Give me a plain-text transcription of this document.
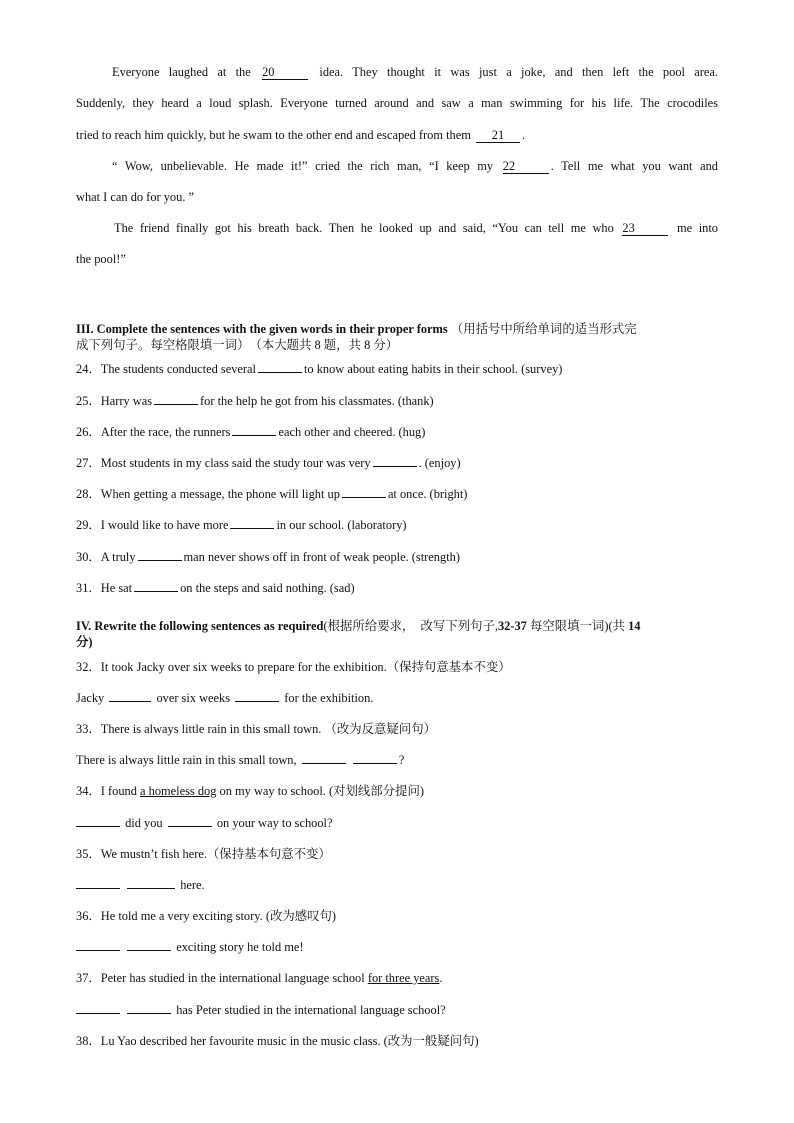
Everyone laughed at the 20	idea. They thought it was just a joke, and then left the pool area.
Suddenly, they heard a loud splash. Everyone turned around and saw a man swimming for his life. The crocodiles
tried to reach him quickly, but he swam to the other end and escaped from them 21 .
“ Wow, unbelievable. He made it!” cried the rich man, “I keep my 22	. Tell me what you want and
what I can do for you. ”
The friend finally got his breath back. Then he looked up and said, “You can tell me who 23	me into
the pool!”
III. Complete the sentences with the given words in their proper forms （用括号中所给单词的适当形式完
成下列句子。每空格限填一词）　（本大题共 8 题，共 8 分）
24．The students conducted several	to know about eating habits in their school. (survey)
25．Harry was	for the help he got from his classmates. (thank)
26．After the race, the runners	each other and cheered. (hug)
27．Most students in my class said the study tour was very	. (enjoy)
28．When getting a message, the phone will light up	at once. (bright)
29．I would like to have more	in our school. (laboratory)
30．A truly	man never shows off in front of weak people. (strength)
31．He sat	on the steps and said nothing. (sad)
IV. Rewrite the following sentences as required(根据所给要求，　改写下列句子,32-37 每空限填一词)(共 14
分)
32．It took Jacky over six weeks to prepare for the exhibition.（保持句意基本不变）
Jacky	over six weeks	for the exhibition.
33．There is always little rain in this small town. （改为反意疑问句）
There is always little rain in this small town,	?
34．I found a homeless dog on my way to school. (对划线部分提问)
did you	on your way to school?
35．We mustn’t fish here.（保持基本句意不变）
here.
36．He told me a very exciting story. (改为感叹句)
exciting story he told me!
37．Peter has studied in the international language school for three years.
has Peter studied in the international language school?
38．Lu Yao described her favourite music in the music class. (改为一般疑问句)
